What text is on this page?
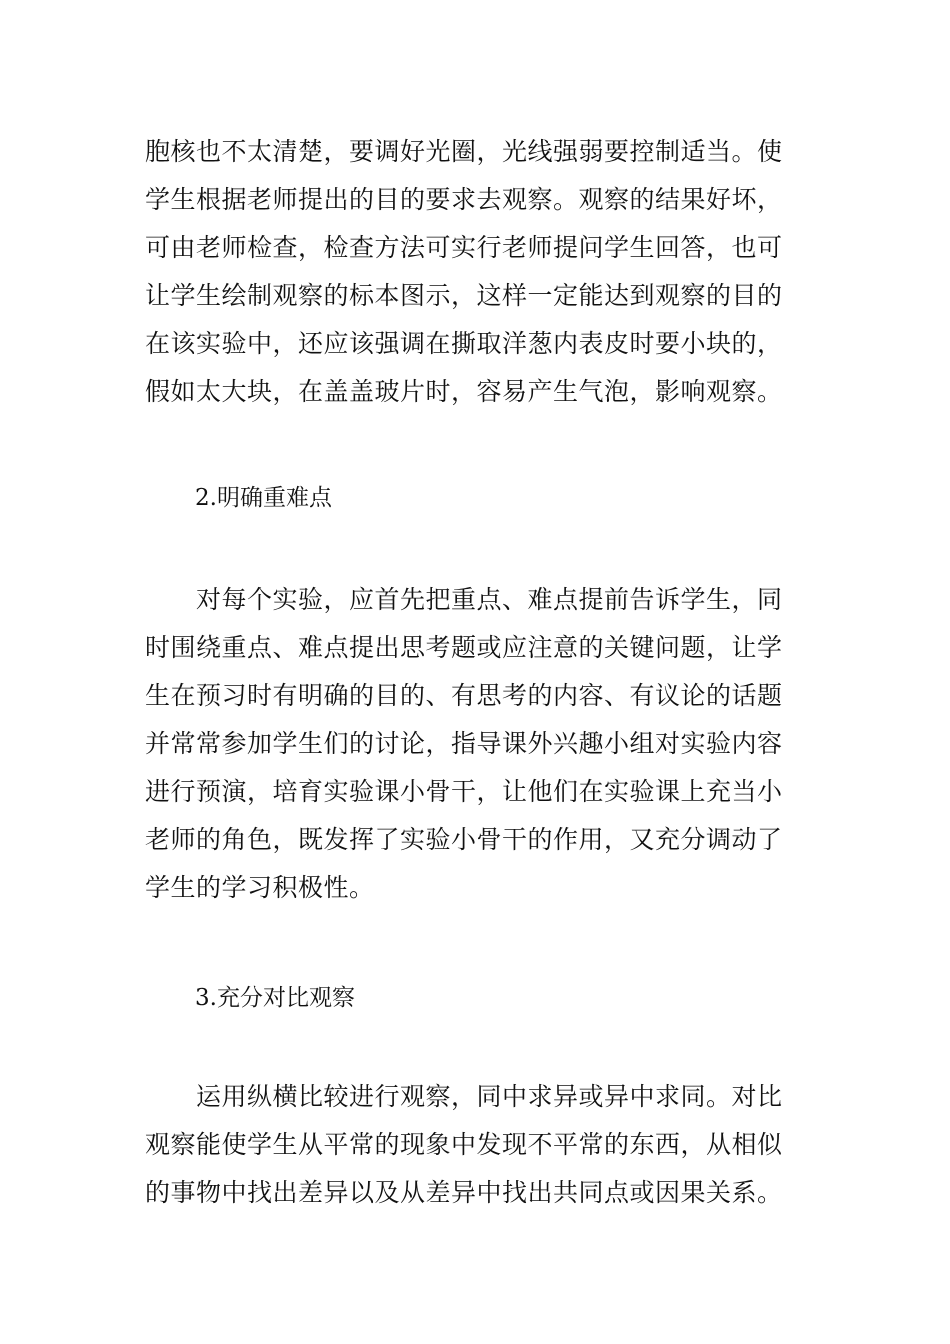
胞核也不太清楚，要调好光圈，光线强弱要控制适当。使
学生根据老师提出的目的要求去观察。观察的结果好坏，
可由老师检查，检查方法可实行老师提问学生回答，也可
让学生绘制观察的标本图示，这样一定能达到观察的目的
在该实验中，还应该强调在撕取洋葱内表皮时要小块的，
假如太大块，在盖盖玻片时，容易产生气泡，影响观察。
2.明确重难点
　　对每个实验，应首先把重点、难点提前告诉学生，同
时围绕重点、难点提出思考题或应注意的关键问题，让学
生在预习时有明确的目的、有思考的内容、有议论的话题
并常常参加学生们的讨论，指导课外兴趣小组对实验内容
进行预演，培育实验课小骨干，让他们在实验课上充当小
老师的角色，既发挥了实验小骨干的作用，又充分调动了
学生的学习积极性。
3.充分对比观察
　　运用纵横比较进行观察，同中求异或异中求同。对比
观察能使学生从平常的现象中发现不平常的东西，从相似
的事物中找出差异以及从差异中找出共同点或因果关系。
